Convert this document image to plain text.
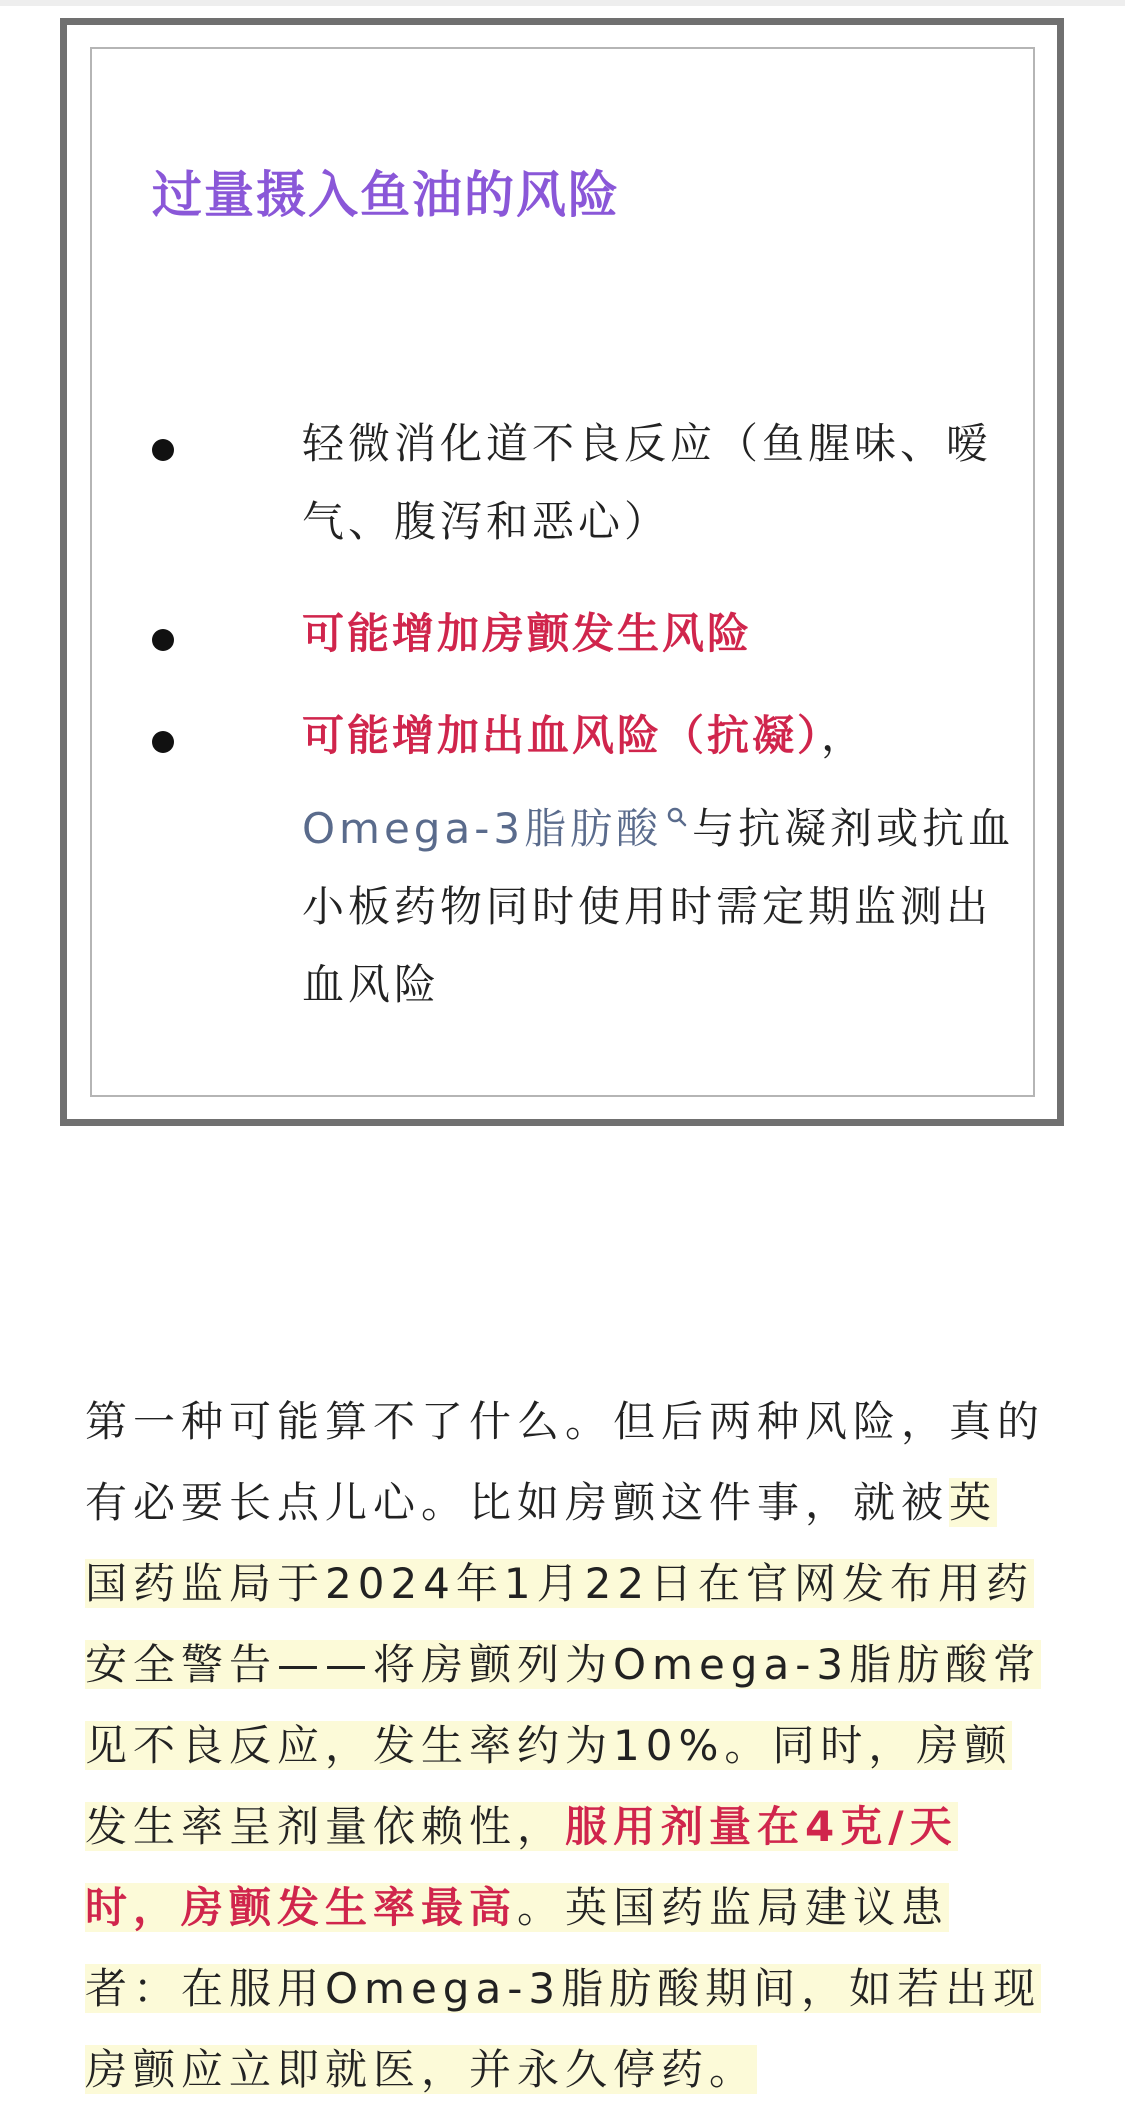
过量摄入鱼油的风险

轻微消化道不良反应（鱼腥味、嗳气、腹泻和恶心）

可能增加房颤发生风险

可能增加出血风险（抗凝），
Omega-3脂肪酸 与抗凝剂或抗血小板药物同时使用时需定期监测出血风险

第一种可能算不了什么。但后两种风险，真的有必要长点儿心。比如房颤这件事，就被英国药监局于2024年1月22日在官网发布用药安全警告——将房颤列为Omega-3脂肪酸常见不良反应，发生率约为10%。同时，房颤发生率呈剂量依赖性，服用剂量在4克/天时，房颤发生率最高。英国药监局建议患者：在服用Omega-3脂肪酸期间，如若出现房颤应立即就医，并永久停药。
